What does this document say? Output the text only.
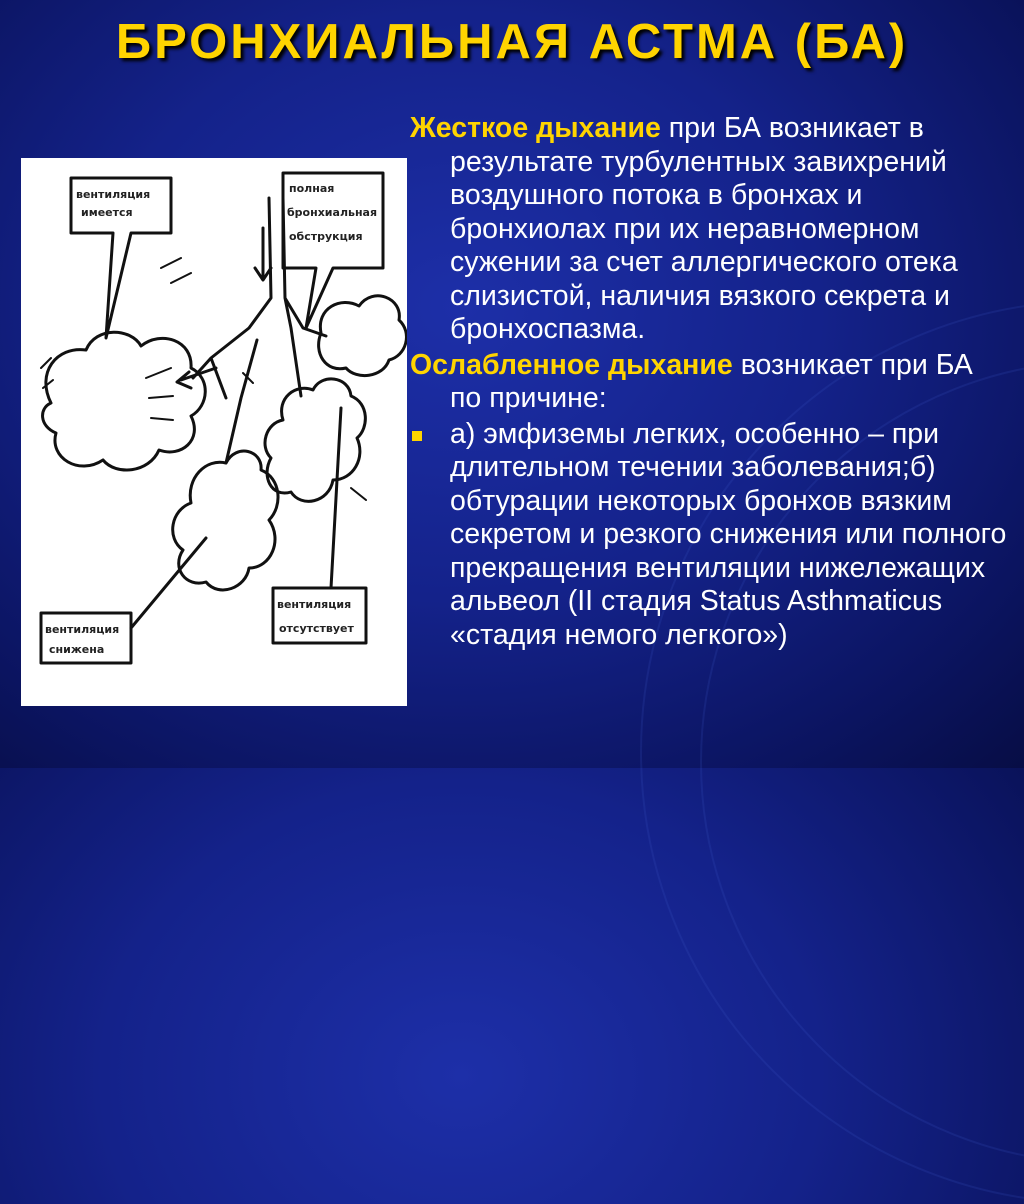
БРОНХИАЛЬНАЯ АСТМА (БА)
вентиляция
имеется
полная
бронхиальная
обструкция
вентиляция
снижена
вентиляция
отсутствует

Жесткое дыхание при БА возникает в результате турбулентных завихрений воздушного потока в бронхах и бронхиолах при их неравномерном сужении за счет аллергического отека слизистой, наличия вязкого секрета и бронхоспазма.

Ослабленное дыхание возникает при БА по причине:

а) эмфиземы легких, особенно – при длительном течении заболевания;б) обтурации некоторых бронхов вязким секретом и резкого снижения или полного прекращения вентиляции нижележащих альвеол (II стадия Status Asthmaticus «стадия немого легкого»)
